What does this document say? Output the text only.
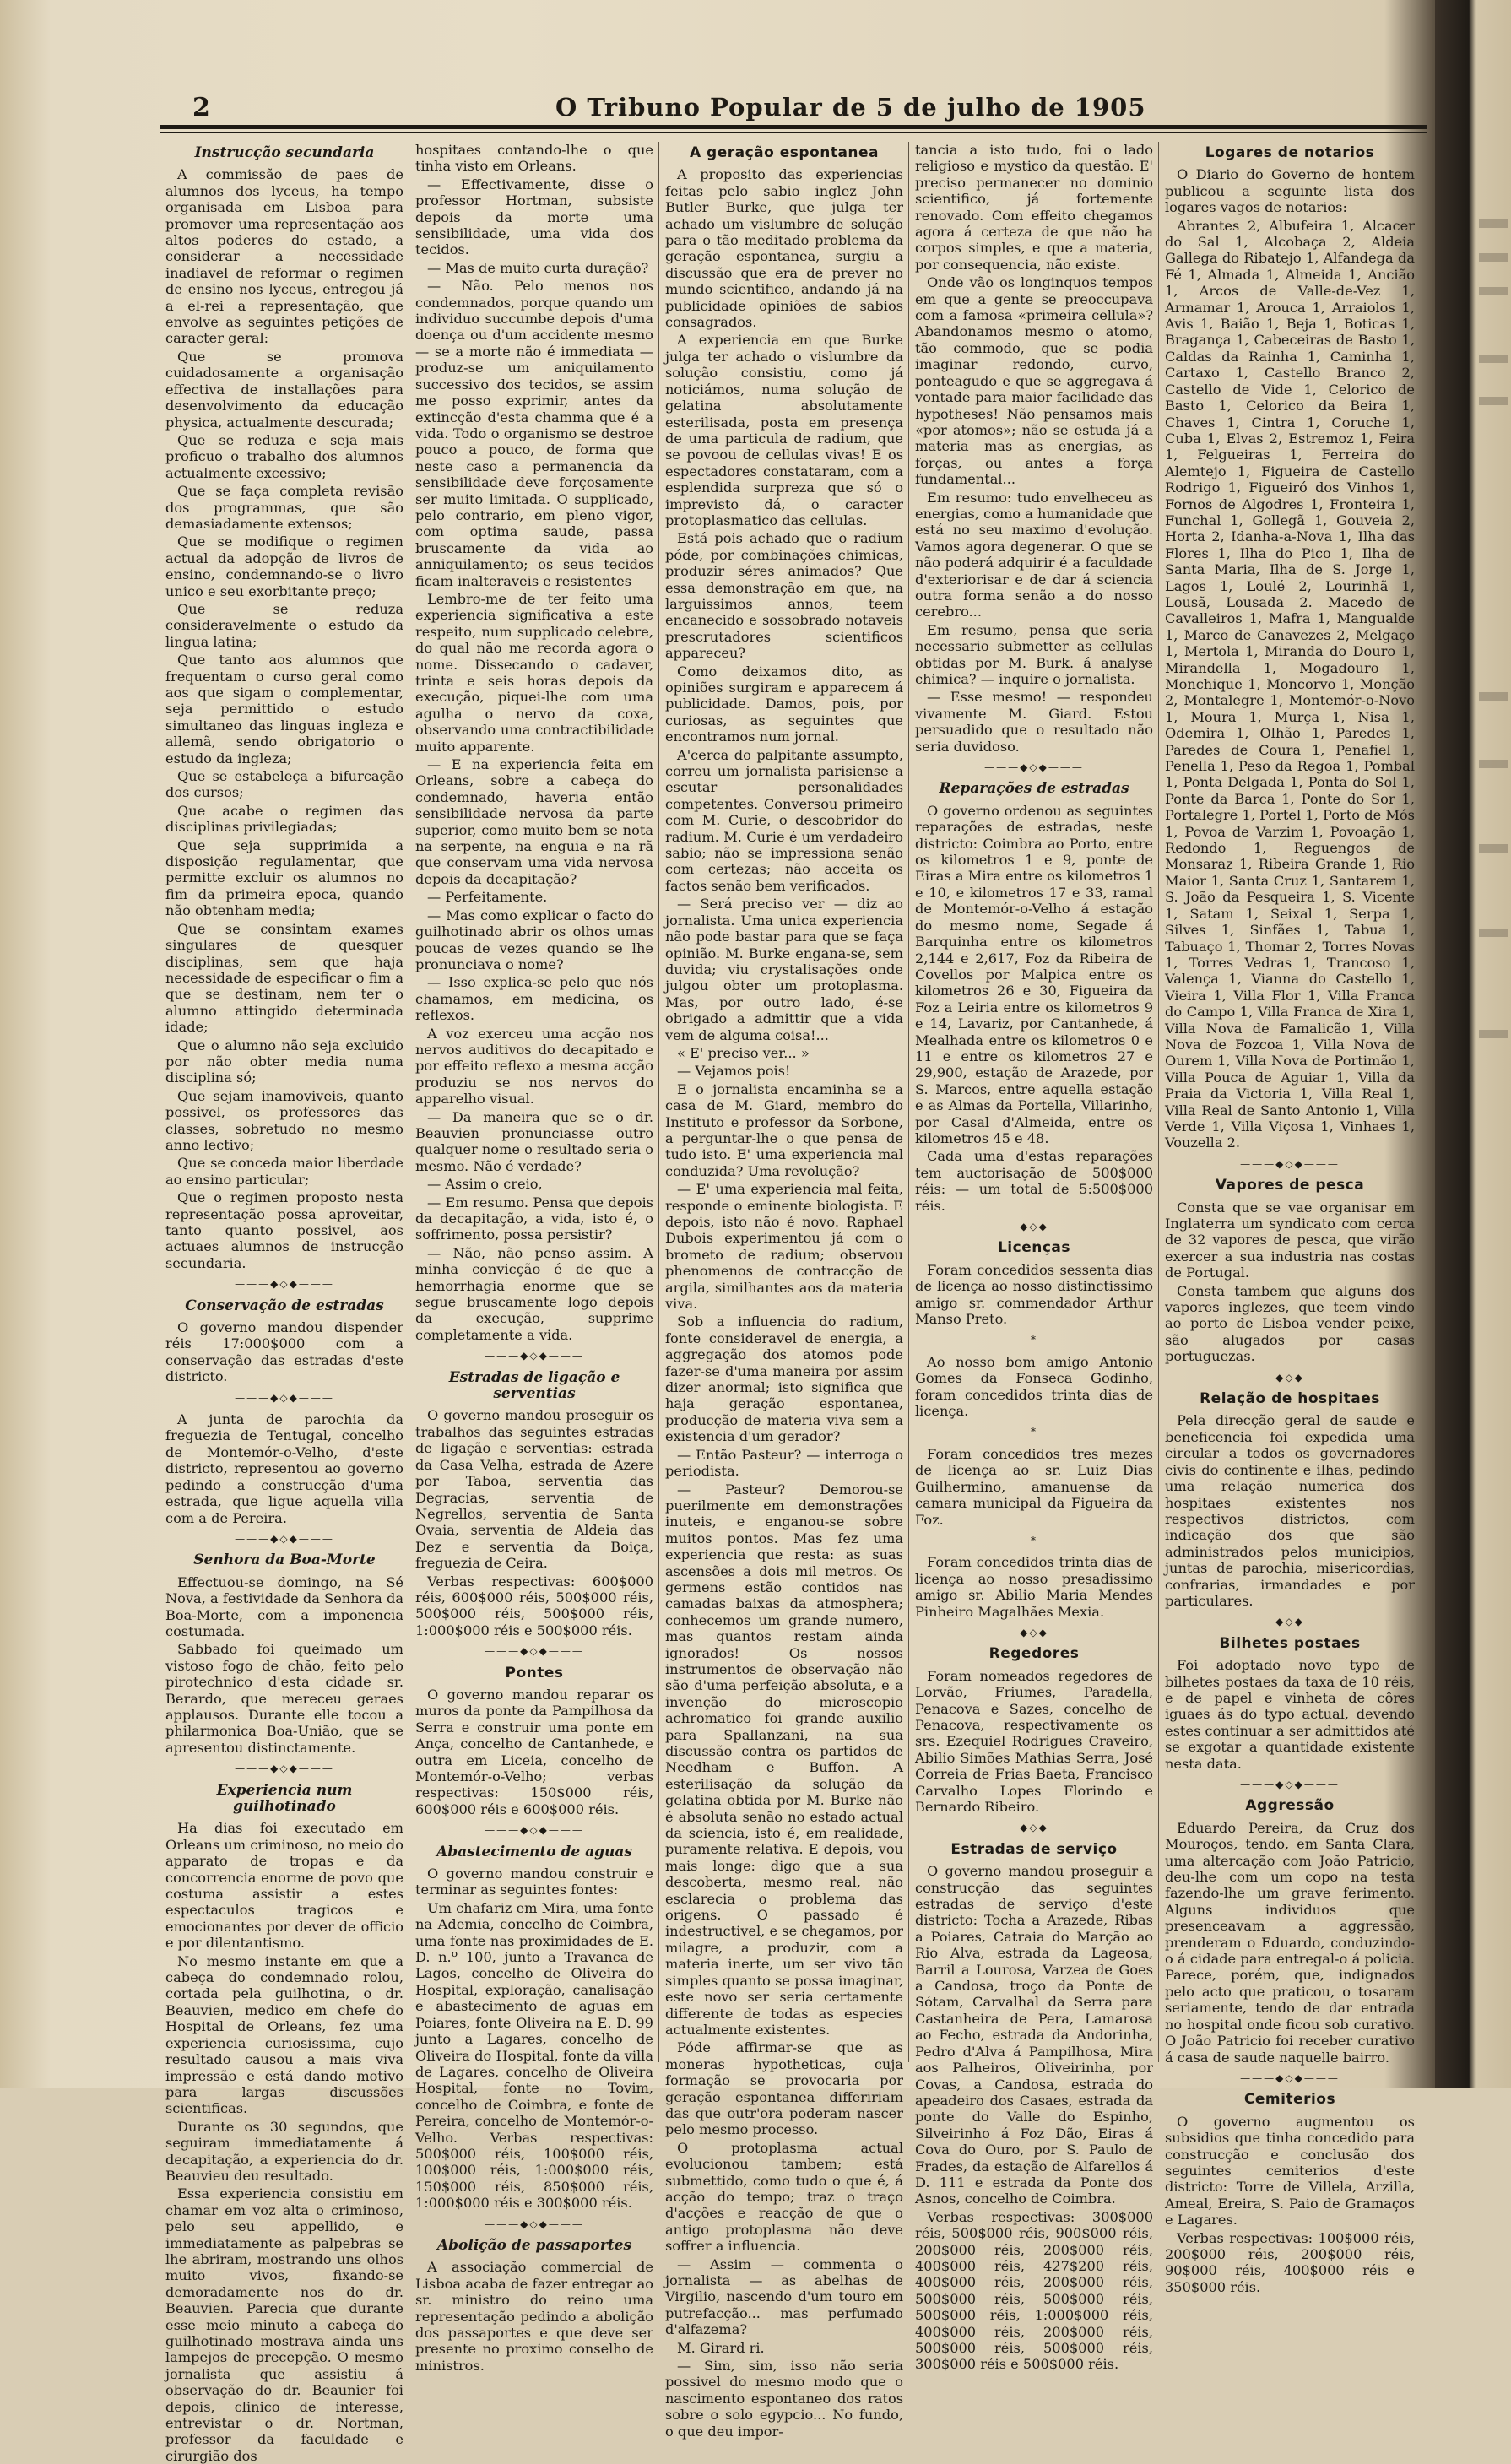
2	O Tribuno Popular de 5 de julho de 1905
Instrucção secundaria

A commissão de paes de alumnos dos lyceus, ha tempo organisada em Lisboa para promover uma representação aos altos poderes do estado, a considerar a necessidade inadiavel de reformar o regimen de ensino nos lyceus, entregou já a el-rei a representação, que envolve as seguintes petições de caracter geral:

Que se promova cuidadosamente a organisação effectiva de installações para desenvolvimento da educação physica, actualmente descurada;

Que se reduza e seja mais proficuo o trabalho dos alumnos actualmente excessivo;

Que se faça completa revisão dos programmas, que são demasiadamente extensos;

Que se modifique o regimen actual da adopção de livros de ensino, condemnando-se o livro unico e seu exorbitante preço;

Que se reduza consideravelmente o estudo da lingua latina;

Que tanto aos alumnos que frequentam o curso geral como aos que sigam o complementar, seja permittido o estudo simultaneo das linguas ingleza e allemã, sendo obrigatorio o estudo da ingleza;

Que se estabeleça a bifurcação dos cursos;

Que acabe o regimen das disciplinas privilegiadas;

Que seja supprimida a disposição regulamentar, que permitte excluir os alumnos no fim da primeira epoca, quando não obtenham media;

Que se consintam exames singulares de quesquer disciplinas, sem que haja necessidade de especificar o fim a que se destinam, nem ter o alumno attingido determinada idade;

Que o alumno não seja excluido por não obter media numa disciplina só;

Que sejam inamoviveis, quanto possivel, os professores das classes, sobretudo no mesmo anno lectivo;

Que se conceda maior liberdade ao ensino particular;

Que o regimen proposto nesta representação possa aproveitar, tanto quanto possivel, aos actuaes alumnos de instrucção secundaria.

———◆◇◆———
Conservação de estradas

O governo mandou dispender réis 17:000$000 com a conservação das estradas d'este districto.

———◆◇◆———

A junta de parochia da freguezia de Tentugal, concelho de Montemór-o-Velho, d'este districto, representou ao governo pedindo a construcção d'uma estrada, que ligue aquella villa com a de Pereira.

———◆◇◆———
Senhora da Boa-Morte

Effectuou-se domingo, na Sé Nova, a festividade da Senhora da Boa-Morte, com a imponencia costumada.

Sabbado foi queimado um vistoso fogo de chão, feito pelo pirotechnico d'esta cidade sr. Berardo, que mereceu geraes applausos. Durante elle tocou a philarmonica Boa-União, que se apresentou distinctamente.

———◆◇◆———
Experiencia num guilhotinado

Ha dias foi executado em Orleans um criminoso, no meio do apparato de tropas e da concorrencia enorme de povo que costuma assistir a estes espectaculos tragicos e emocionantes por dever de officio e por dilentantismo.

No mesmo instante em que a cabeça do condemnado rolou, cortada pela guilhotina, o dr. Beauvien, medico em chefe do Hospital de Orleans, fez uma experiencia curiosissima, cujo resultado causou a mais viva impressão e está dando motivo para largas discussões scientificas.

Durante os 30 segundos, que seguiram immediatamente á decapitação, a experiencia do dr. Beauvieu deu resultado.

Essa experiencia consistiu em chamar em voz alta o criminoso, pelo seu appellido, e immediatamente as palpebras se lhe abriram, mostrando uns olhos muito vivos, fixando-se demoradamente nos do dr. Beauvien. Parecia que durante esse meio minuto a cabeça do guilhotinado mostrava ainda uns lampejos de precepção. O mesmo jornalista que assistiu á observação do dr. Beaunier foi depois, clinico de interesse, entrevistar o dr. Nortman, professor da faculdade e cirurgião dos

hospitaes contando-lhe o que tinha visto em Orleans.

— Effectivamente, disse o professor Hortman, subsiste depois da morte uma sensibilidade, uma vida dos tecidos.

— Mas de muito curta duração?

— Não. Pelo menos nos condemnados, porque quando um individuo succumbe depois d'uma doença ou d'um accidente mesmo — se a morte não é immediata — produz-se um aniquilamento successivo dos tecidos, se assim me posso exprimir, antes da extincção d'esta chamma que é a vida. Todo o organismo se destroe pouco a pouco, de forma que neste caso a permanencia da sensibilidade deve forçosamente ser muito limitada. O supplicado, pelo contrario, em pleno vigor, com optima saude, passa bruscamente da vida ao anniquilamento; os seus tecidos ficam inalteraveis e resistentes

Lembro-me de ter feito uma experiencia significativa a este respeito, num supplicado celebre, do qual não me recorda agora o nome. Dissecando o cadaver, trinta e seis horas depois da execução, piquei-lhe com uma agulha o nervo da coxa, observando uma contractibilidade muito apparente.

— E na experiencia feita em Orleans, sobre a cabeça do condemnado, haveria então sensibilidade nervosa da parte superior, como muito bem se nota na serpente, na enguia e na rã que conservam uma vida nervosa depois da decapitação?

— Perfeitamente.

— Mas como explicar o facto do guilhotinado abrir os olhos umas poucas de vezes quando se lhe pronunciava o nome?

— Isso explica-se pelo que nós chamamos, em medicina, os reflexos.

A voz exerceu uma acção nos nervos auditivos do decapitado e por effeito reflexo a mesma acção produziu se nos nervos do apparelho visual.

— Da maneira que se o dr. Beauvien pronunciasse outro qualquer nome o resultado seria o mesmo. Não é verdade?

— Assim o creio,

— Em resumo. Pensa que depois da decapitação, a vida, isto é, o soffrimento, possa persistir?

— Não, não penso assim. A minha convicção é de que a hemorrhagia enorme que se segue bruscamente logo depois da execução, supprime completamente a vida.

———◆◇◆———
Estradas de ligação e serventias

O governo mandou proseguir os trabalhos das seguintes estradas de ligação e serventias: estrada da Casa Velha, estrada de Azere por Taboa, serventia das Degracias, serventia de Negrellos, serventia de Santa Ovaia, serventia de Aldeia das Dez e serventia da Boiça, freguezia de Ceira.

Verbas respectivas: 600$000 réis, 600$000 réis, 500$000 réis, 500$000 réis, 500$000 réis, 1:000$000 réis e 500$000 réis.

———◆◇◆———
Pontes

O governo mandou reparar os muros da ponte da Pampilhosa da Serra e construir uma ponte em Ança, concelho de Cantanhede, e outra em Liceia, concelho de Montemór-o-Velho; verbas respectivas: 150$000 réis, 600$000 réis e 600$000 réis.

———◆◇◆———
Abastecimento de aguas

O governo mandou construir e terminar as seguintes fontes:

Um chafariz em Mira, uma fonte na Ademia, concelho de Coimbra, uma fonte nas proximidades de E. D. n.º 100, junto a Travanca de Lagos, concelho de Oliveira do Hospital, exploração, canalisação e abastecimento de aguas em Poiares, fonte Oliveira na E. D. 99 junto a Lagares, concelho de Oliveira do Hospital, fonte da villa de Lagares, concelho de Oliveira Hospital, fonte no Tovim, concelho de Coimbra, e fonte de Pereira, concelho de Montemór-o-Velho. Verbas respectivas: 500$000 réis, 100$000 réis, 100$000 réis, 1:000$000 réis, 150$000 réis, 850$000 réis, 1:000$000 réis e 300$000 réis.

———◆◇◆———
Abolição de passaportes

A associação commercial de Lisboa acaba de fazer entregar ao sr. ministro do reino uma representação pedindo a abolição dos passaportes e que deve ser presente no proximo conselho de ministros.

A geração espontanea

A proposito das experiencias feitas pelo sabio inglez John Butler Burke, que julga ter achado um vislumbre de solução para o tão meditado problema da geração espontanea, surgiu a discussão que era de prever no mundo scientifico, andando já na publicidade opiniões de sabios consagrados.

A experiencia em que Burke julga ter achado o vislumbre da solução consistiu, como já noticiámos, numa solução de gelatina absolutamente esterilisada, posta em presença de uma particula de radium, que se povoou de cellulas vivas! E os espectadores constataram, com a esplendida surpreza que só o imprevisto dá, o caracter protoplasmatico das cellulas.

Está pois achado que o radium póde, por combinações chimicas, produzir séres animados? Que essa demonstração em que, na larguissimos annos, teem encanecido e sossobrado notaveis prescrutadores scientificos appareceu?

Como deixamos dito, as opiniões surgiram e apparecem á publicidade. Damos, pois, por curiosas, as seguintes que encontramos num jornal.

A'cerca do palpitante assumpto, correu um jornalista parisiense a escutar personalidades competentes. Conversou primeiro com M. Curie, o descobridor do radium. M. Curie é um verdadeiro sabio; não se impressiona senão com certezas; não acceita os factos senão bem verificados.

— Será preciso ver — diz ao jornalista. Uma unica experiencia não pode bastar para que se faça opinião. M. Burke engana-se, sem duvida; viu crystalisações onde julgou obter um protoplasma. Mas, por outro lado, é-se obrigado a admittir que a vida vem de alguma coisa!...

« E' preciso ver... »

— Vejamos pois!

E o jornalista encaminha se a casa de M. Giard, membro do Instituto e professor da Sorbone, a perguntar-lhe o que pensa de tudo isto. E' uma experiencia mal conduzida? Uma revolução?

— E' uma experiencia mal feita, responde o eminente biologista. E depois, isto não é novo. Raphael Dubois experimentou já com o brometo de radium; observou phenomenos de contracção de argila, similhantes aos da materia viva.

Sob a influencia do radium, fonte consideravel de energia, a aggregação dos atomos pode fazer-se d'uma maneira por assim dizer anormal; isto significa que haja geração espontanea, producção de materia viva sem a existencia d'um gerador?

— Então Pasteur? — interroga o periodista.

— Pasteur? Demorou-se puerilmente em demonstrações inuteis, e enganou-se sobre muitos pontos. Mas fez uma experiencia que resta: as suas ascensões a dois mil metros. Os germens estão contidos nas camadas baixas da atmosphera; conhecemos um grande numero, mas quantos restam ainda ignorados! Os nossos instrumentos de observação não são d'uma perfeição absoluta, e a invenção do microscopio achromatico foi grande auxilio para Spallanzani, na sua discussão contra os partidos de Needham e Buffon. A esterilisação da solução da gelatina obtida por M. Burke não é absoluta senão no estado actual da sciencia, isto é, em realidade, puramente relativa. E depois, vou mais longe: digo que a sua descoberta, mesmo real, não esclarecia o problema das origens. O passado é indestructivel, e se chegamos, por milagre, a produzir, com a materia inerte, um ser vivo tão simples quanto se possa imaginar, este novo ser seria certamente differente de todas as especies actualmente existentes.

Póde affirmar-se que as moneras hypotheticas, cuja formação se provocaria por geração espontanea differiriam das que outr'ora poderam nascer pelo mesmo processo.

O protoplasma actual evolucionou tambem; está submettido, como tudo o que é, á acção do tempo; traz o traço d'acções e reacção de que o antigo protoplasma não deve soffrer a influencia.

— Assim — commenta o jornalista — as abelhas de Virgilio, nascendo d'um touro em putrefacção... mas perfumado d'alfazema?

M. Girard ri.

— Sim, sim, isso não seria possivel do mesmo modo que o nascimento espontaneo dos ratos sobre o solo egypcio... No fundo, o que deu impor-

tancia a isto tudo, foi o lado religioso e mystico da questão. E' preciso permanecer no dominio scientifico, já fortemente renovado. Com effeito chegamos agora á certeza de que não ha corpos simples, e que a materia, por consequencia, não existe.

Onde vão os longinquos tempos em que a gente se preoccupava com a famosa «primeira cellula»? Abandonamos mesmo o atomo, tão commodo, que se podia imaginar redondo, curvo, ponteagudo e que se aggregava á vontade para maior facilidade das hypotheses! Não pensamos mais «por atomos»; não se estuda já a materia mas as energias, as forças, ou antes a força fundamental...

Em resumo: tudo envelheceu as energias, como a humanidade que está no seu maximo d'evolução. Vamos agora degenerar. O que se não poderá adquirir é a faculdade d'exteriorisar e de dar á sciencia outra forma senão a do nosso cerebro...

Em resumo, pensa que seria necessario submetter as cellulas obtidas por M. Burk. á analyse chimica? — inquire o jornalista.

— Esse mesmo! — respondeu vivamente M. Giard. Estou persuadido que o resultado não seria duvidoso.

———◆◇◆———
Reparações de estradas

O governo ordenou as seguintes reparações de estradas, neste districto: Coimbra ao Porto, entre os kilometros 1 e 9, ponte de Eiras a Mira entre os kilometros 1 e 10, e kilometros 17 e 33, ramal de Montemór-o-Velho á estação do mesmo nome, Segade á Barquinha entre os kilometros 2,144 e 2,617, Foz da Ribeira de Covellos por Malpica entre os kilometros 26 e 30, Figueira da Foz a Leiria entre os kilometros 9 e 14, Lavariz, por Cantanhede, á Mealhada entre os kilometros 0 e 11 e entre os kilometros 27 e 29,900, estação de Arazede, por S. Marcos, entre aquella estação e as Almas da Portella, Villarinho, por Casal d'Almeida, entre os kilometros 45 e 48.

Cada uma d'estas reparações tem auctorisação de 500$000 réis: — um total de 5:500$000 réis.

———◆◇◆———
Licenças

Foram concedidos sessenta dias de licença ao nosso distinctissimo amigo sr. commendador Arthur Manso Preto.

*

Ao nosso bom amigo Antonio Gomes da Fonseca Godinho, foram concedidos trinta dias de licença.

*

Foram concedidos tres mezes de licença ao sr. Luiz Dias Guilhermino, amanuense da camara municipal da Figueira da Foz.

*

Foram concedidos trinta dias de licença ao nosso presadissimo amigo sr. Abilio Maria Mendes Pinheiro Magalhães Mexia.

———◆◇◆———
Regedores

Foram nomeados regedores de Lorvão, Friumes, Paradella, Penacova e Sazes, concelho de Penacova, respectivamente os srs. Ezequiel Rodrigues Craveiro, Abilio Simões Mathias Serra, José Correia de Frias Baeta, Francisco Carvalho Lopes Florindo e Bernardo Ribeiro.

———◆◇◆———
Estradas de serviço

O governo mandou proseguir a construcção das seguintes estradas de serviço d'este districto: Tocha a Arazede, Ribas a Poiares, Catraia do Marção ao Rio Alva, estrada da Lageosa, Barril a Lourosa, Varzea de Goes a Candosa, troço da Ponte de Sótam, Carvalhal da Serra para Castanheira de Pera, Lamarosa ao Fecho, estrada da Andorinha, Pedro d'Alva á Pampilhosa, Mira aos Palheiros, Oliveirinha, por Covas, a Candosa, estrada do apeadeiro dos Casaes, estrada da ponte do Valle do Espinho, Silveirinho á Foz Dão, Eiras á Cova do Ouro, por S. Paulo de Frades, da estação de Alfarellos á D. 111 e estrada da Ponte dos Asnos, concelho de Coimbra.

Verbas respectivas: 300$000 réis, 500$000 réis, 900$000 réis, 200$000 réis, 200$000 réis, 400$000 réis, 427$200 réis, 400$000 réis, 200$000 réis, 500$000 réis, 500$000 réis, 500$000 réis, 1:000$000 réis, 400$000 réis, 200$000 réis, 500$000 réis, 500$000 réis, 300$000 réis e 500$000 réis.

Logares de notarios

O Diario do Governo de hontem publicou a seguinte lista dos logares vagos de notarios:

Abrantes 2, Albufeira 1, Alcacer do Sal 1, Alcobaça 2, Aldeia Gallega do Ribatejo 1, Alfandega da Fé 1, Almada 1, Almeida 1, Ancião 1, Arcos de Valle-de-Vez 1, Armamar 1, Arouca 1, Arraiolos 1, Avis 1, Baião 1, Beja 1, Boticas 1, Bragança 1, Cabeceiras de Basto 1, Caldas da Rainha 1, Caminha 1, Cartaxo 1, Castello Branco 2, Castello de Vide 1, Celorico de Basto 1, Celorico da Beira 1, Chaves 1, Cintra 1, Coruche 1, Cuba 1, Elvas 2, Estremoz 1, Feira 1, Felgueiras 1, Ferreira do Alemtejo 1, Figueira de Castello Rodrigo 1, Figueiró dos Vinhos 1, Fornos de Algodres 1, Fronteira 1, Funchal 1, Gollegã 1, Gouveia 2, Horta 2, Idanha-a-Nova 1, Ilha das Flores 1, Ilha do Pico 1, Ilha de Santa Maria, Ilha de S. Jorge 1, Lagos 1, Loulé 2, Lourinhã 1, Lousã, Lousada 2. Macedo de Cavalleiros 1, Mafra 1, Mangualde 1, Marco de Canavezes 2, Melgaço 1, Mertola 1, Miranda do Douro 1, Mirandella 1, Mogadouro 1, Monchique 1, Moncorvo 1, Monção 2, Montalegre 1, Montemór-o-Novo 1, Moura 1, Murça 1, Nisa 1, Odemira 1, Olhão 1, Paredes 1, Paredes de Coura 1, Penafiel 1, Penella 1, Peso da Regoa 1, Pombal 1, Ponta Delgada 1, Ponta do Sol 1, Ponte da Barca 1, Ponte do Sor 1, Portalegre 1, Portel 1, Porto de Mós 1, Povoa de Varzim 1, Povoação 1, Redondo 1, Reguengos de Monsaraz 1, Ribeira Grande 1, Rio Maior 1, Santa Cruz 1, Santarem 1, S. João da Pesqueira 1, S. Vicente 1, Satam 1, Seixal 1, Serpa 1, Silves 1, Sinfães 1, Tabua 1, Tabuaço 1, Thomar 2, Torres Novas 1, Torres Vedras 1, Trancoso 1, Valença 1, Vianna do Castello 1, Vieira 1, Villa Flor 1, Villa Franca do Campo 1, Villa Franca de Xira 1, Villa Nova de Famalicão 1, Villa Nova de Fozcoa 1, Villa Nova de Ourem 1, Villa Nova de Portimão 1, Villa Pouca de Aguiar 1, Villa da Praia da Victoria 1, Villa Real 1, Villa Real de Santo Antonio 1, Villa Verde 1, Villa Viçosa 1, Vinhaes 1, Vouzella 2.

———◆◇◆———
Vapores de pesca

Consta que se vae organisar em Inglaterra um syndicato com cerca de 32 vapores de pesca, que virão exercer a sua industria nas costas de Portugal.

Consta tambem que alguns dos vapores inglezes, que teem vindo ao porto de Lisboa vender peixe, são alugados por casas portuguezas.

———◆◇◆———
Relação de hospitaes

Pela direcção geral de saude e beneficencia foi expedida uma circular a todos os governadores civis do continente e ilhas, pedindo uma relação numerica dos hospitaes existentes nos respectivos districtos, com indicação dos que são administrados pelos municipios, juntas de parochia, misericordias, confrarias, irmandades e por particulares.

———◆◇◆———
Bilhetes postaes

Foi adoptado novo typo de bilhetes postaes da taxa de 10 réis, e de papel e vinheta de côres iguaes ás do typo actual, devendo estes continuar a ser admittidos até se exgotar a quantidade existente nesta data.

———◆◇◆———
Aggressão

Eduardo Pereira, da Cruz dos Mouroços, tendo, em Santa Clara, uma altercação com João Patricio, deu-lhe com um copo na testa fazendo-lhe um grave ferimento. Alguns individuos que presenceavam a aggressão, prenderam o Eduardo, conduzindo-o á cidade para entregal-o á policia. Parece, porém, que, indignados pelo acto que praticou, o tosaram seriamente, tendo de dar entrada no hospital onde ficou sob curativo. O João Patricio foi receber curativo á casa de saude naquelle bairro.

———◆◇◆———
Cemiterios

O governo augmentou os subsidios que tinha concedido para construcção e conclusão dos seguintes cemiterios d'este districto: Torre de Villela, Arzilla, Ameal, Ereira, S. Paio de Gramaços e Lagares.

Verbas respectivas: 100$000 réis, 200$000 réis, 200$000 réis, 90$000 réis, 400$000 réis e 350$000 réis.
